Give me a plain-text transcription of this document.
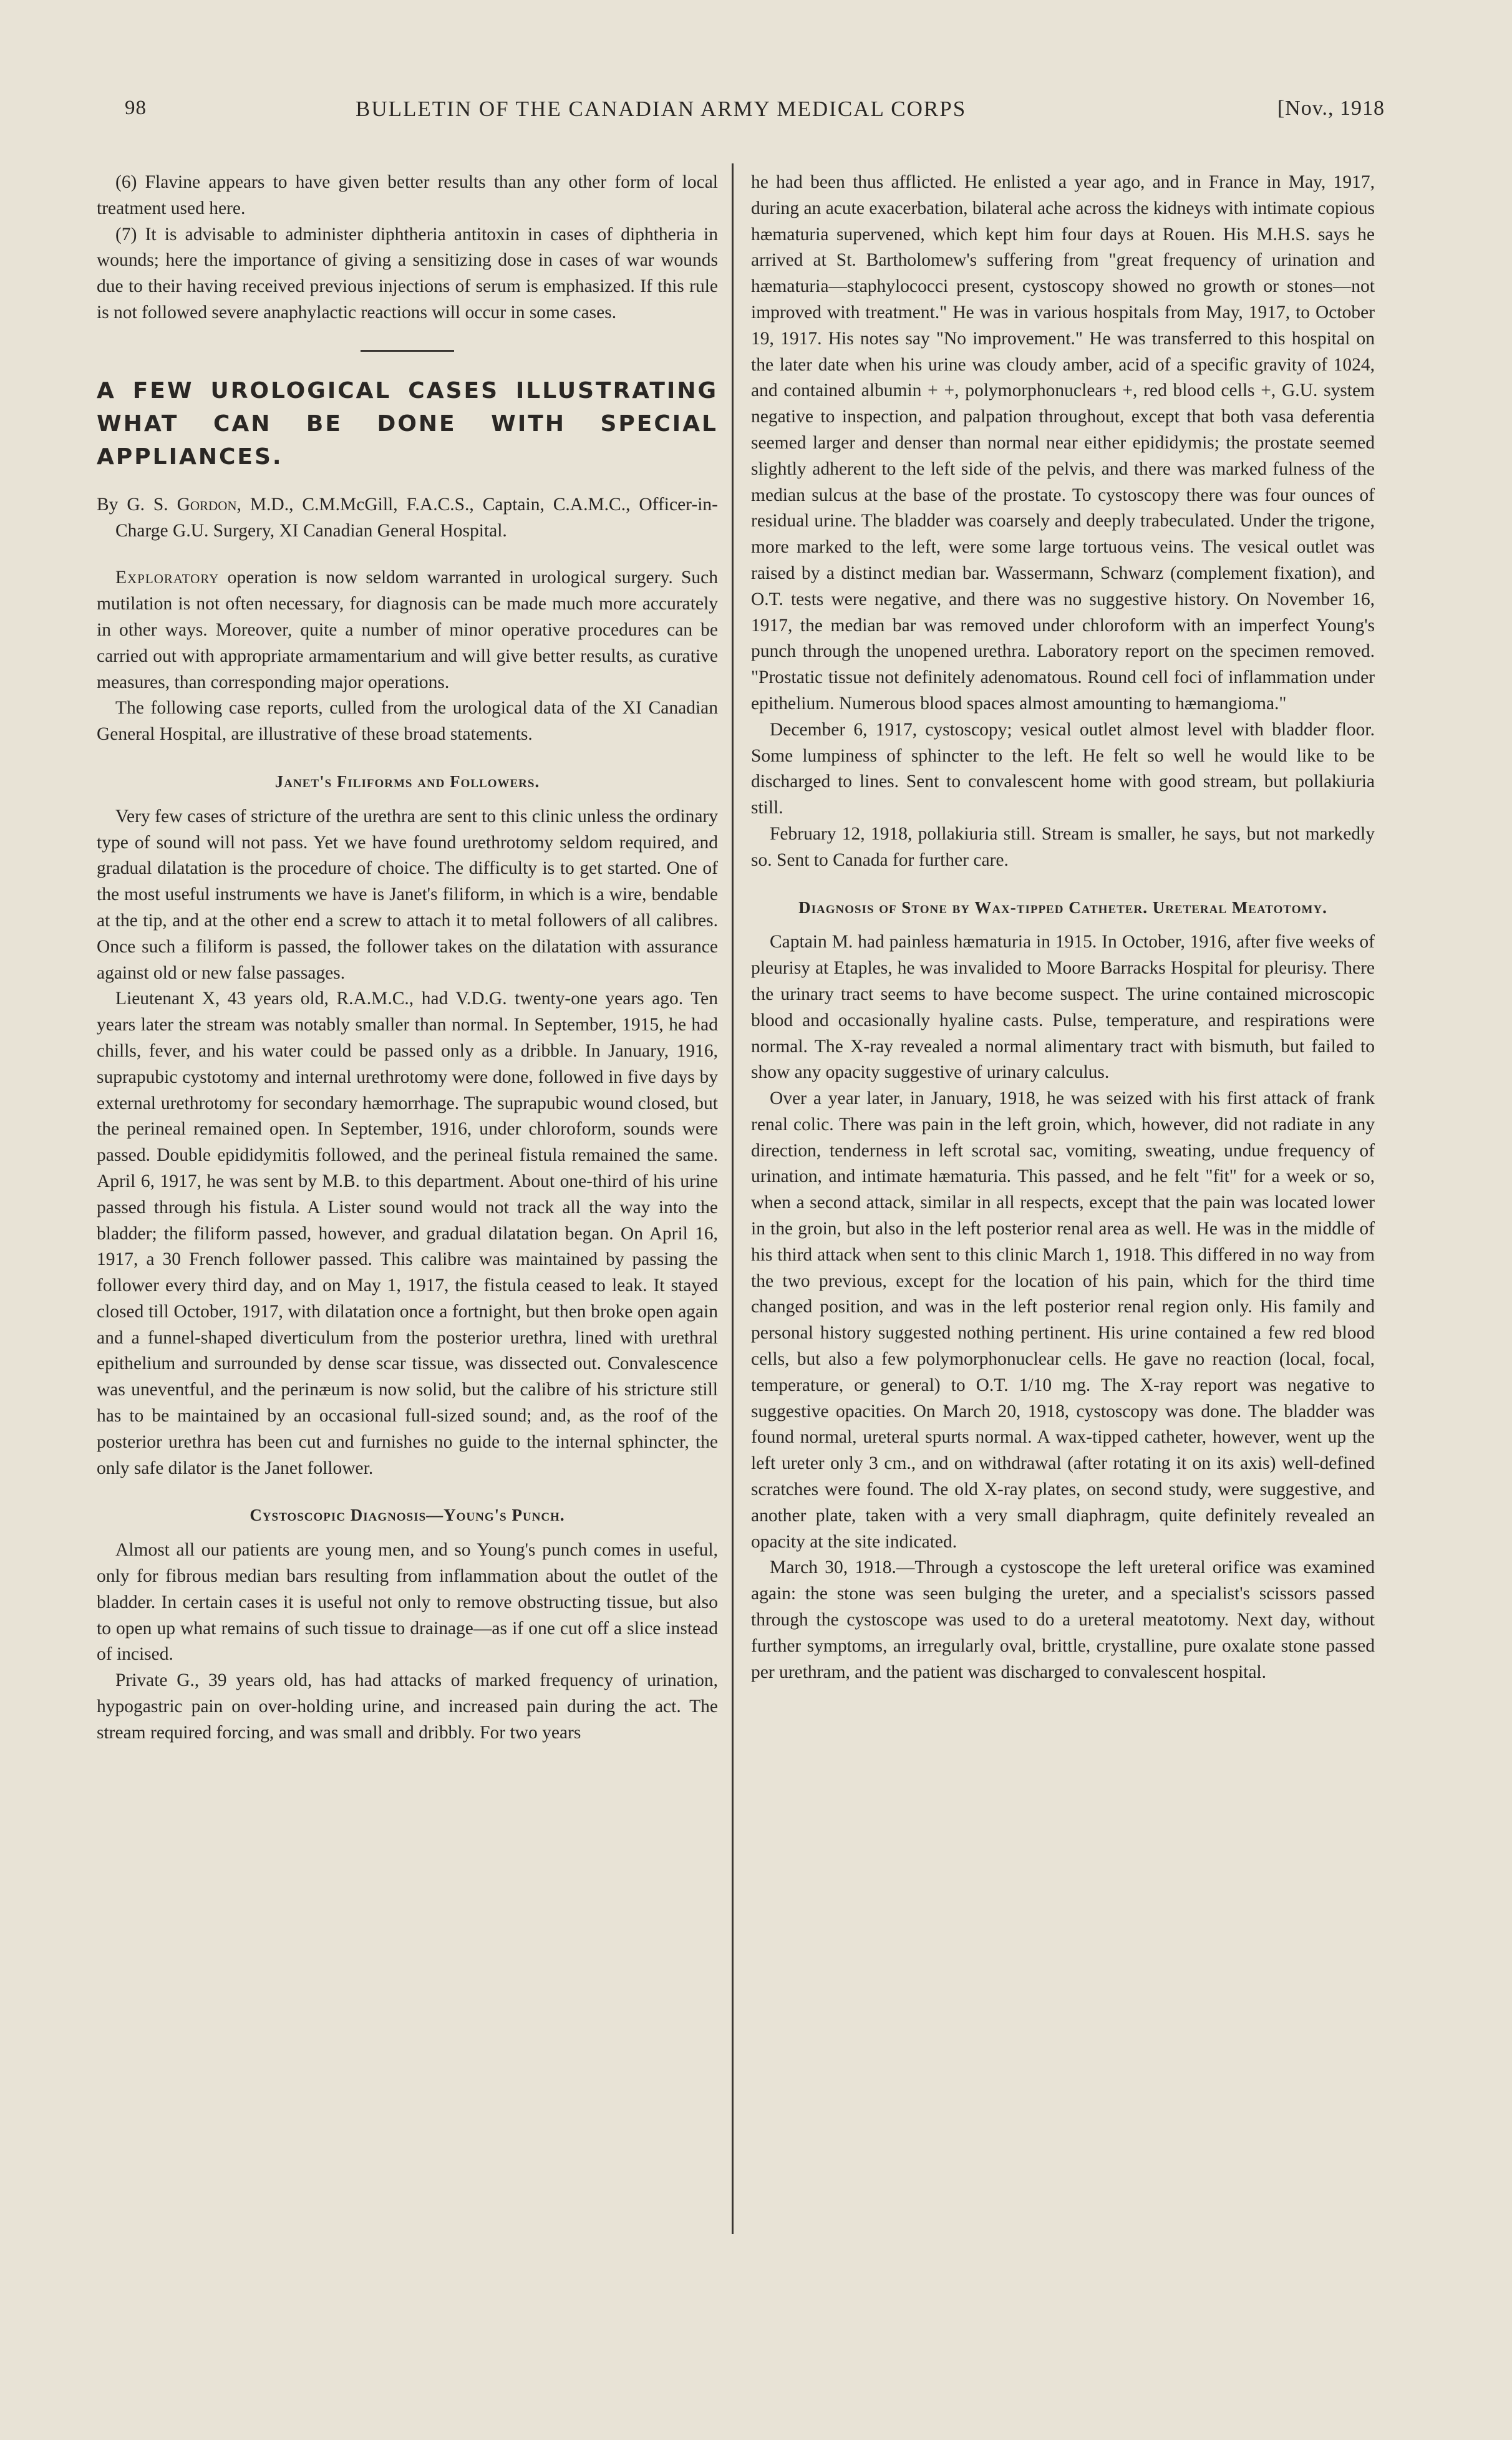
98	BULLETIN OF THE CANADIAN ARMY MEDICAL CORPS	[Nov., 1918

(6) Flavine appears to have given better results than any other form of local treatment used here.

(7) It is advisable to administer diphtheria antitoxin in cases of diphtheria in wounds; here the importance of giving a sensitizing dose in cases of war wounds due to their having received previous injections of serum is emphasized. If this rule is not followed severe anaphylactic reactions will occur in some cases.

A FEW UROLOGICAL CASES ILLUSTRATING WHAT CAN BE DONE WITH SPECIAL APPLIANCES.

By G. S. Gordon, M.D., C.M.McGill, F.A.C.S., Captain, C.A.M.C., Officer-in-Charge G.U. Surgery, XI Canadian General Hospital.

Exploratory operation is now seldom warranted in urological surgery. Such mutilation is not often necessary, for diagnosis can be made much more accurately in other ways. Moreover, quite a number of minor operative procedures can be carried out with appropriate armamentarium and will give better results, as curative measures, than corresponding major operations.

The following case reports, culled from the urological data of the XI Canadian General Hospital, are illustrative of these broad statements.

Janet's Filiforms and Followers.

Very few cases of stricture of the urethra are sent to this clinic unless the ordinary type of sound will not pass. Yet we have found urethrotomy seldom required, and gradual dilatation is the procedure of choice. The difficulty is to get started. One of the most useful instruments we have is Janet's filiform, in which is a wire, bendable at the tip, and at the other end a screw to attach it to metal followers of all calibres. Once such a filiform is passed, the follower takes on the dilatation with assurance against old or new false passages.

Lieutenant X, 43 years old, R.A.M.C., had V.D.G. twenty-one years ago. Ten years later the stream was notably smaller than normal. In September, 1915, he had chills, fever, and his water could be passed only as a dribble. In January, 1916, suprapubic cystotomy and internal urethrotomy were done, followed in five days by external urethrotomy for secondary hæmorrhage. The suprapubic wound closed, but the perineal remained open. In September, 1916, under chloroform, sounds were passed. Double epididymitis followed, and the perineal fistula remained the same. April 6, 1917, he was sent by M.B. to this department. About one-third of his urine passed through his fistula. A Lister sound would not track all the way into the bladder; the filiform passed, however, and gradual dilatation began. On April 16, 1917, a 30 French follower passed. This calibre was maintained by passing the follower every third day, and on May 1, 1917, the fistula ceased to leak. It stayed closed till October, 1917, with dilatation once a fortnight, but then broke open again and a funnel-shaped diverticulum from the posterior urethra, lined with urethral epithelium and surrounded by dense scar tissue, was dissected out. Convalescence was uneventful, and the perinæum is now solid, but the calibre of his stricture still has to be maintained by an occasional full-sized sound; and, as the roof of the posterior urethra has been cut and furnishes no guide to the internal sphincter, the only safe dilator is the Janet follower.

Cystoscopic Diagnosis—Young's Punch.

Almost all our patients are young men, and so Young's punch comes in useful, only for fibrous median bars resulting from inflammation about the outlet of the bladder. In certain cases it is useful not only to remove obstructing tissue, but also to open up what remains of such tissue to drainage—as if one cut off a slice instead of incised.

Private G., 39 years old, has had attacks of marked frequency of urination, hypogastric pain on over-holding urine, and increased pain during the act. The stream required forcing, and was small and dribbly. For two years

he had been thus afflicted. He enlisted a year ago, and in France in May, 1917, during an acute exacerbation, bilateral ache across the kidneys with intimate copious hæmaturia supervened, which kept him four days at Rouen. His M.H.S. says he arrived at St. Bartholomew's suffering from "great frequency of urination and hæmaturia—staphylococci present, cystoscopy showed no growth or stones—not improved with treatment." He was in various hospitals from May, 1917, to October 19, 1917. His notes say "No improvement." He was transferred to this hospital on the later date when his urine was cloudy amber, acid of a specific gravity of 1024, and contained albumin + +, polymorphonuclears +, red blood cells +, G.U. system negative to inspection, and palpation throughout, except that both vasa deferentia seemed larger and denser than normal near either epididymis; the prostate seemed slightly adherent to the left side of the pelvis, and there was marked fulness of the median sulcus at the base of the prostate. To cystoscopy there was four ounces of residual urine. The bladder was coarsely and deeply trabeculated. Under the trigone, more marked to the left, were some large tortuous veins. The vesical outlet was raised by a distinct median bar. Wassermann, Schwarz (complement fixation), and O.T. tests were negative, and there was no suggestive history. On November 16, 1917, the median bar was removed under chloroform with an imperfect Young's punch through the unopened urethra. Laboratory report on the specimen removed. "Prostatic tissue not definitely adenomatous. Round cell foci of inflammation under epithelium. Numerous blood spaces almost amounting to hæmangioma."

December 6, 1917, cystoscopy; vesical outlet almost level with bladder floor. Some lumpiness of sphincter to the left. He felt so well he would like to be discharged to lines. Sent to convalescent home with good stream, but pollakiuria still.

February 12, 1918, pollakiuria still. Stream is smaller, he says, but not markedly so. Sent to Canada for further care.

Diagnosis of Stone by Wax-tipped Catheter. Ureteral Meatotomy.

Captain M. had painless hæmaturia in 1915. In October, 1916, after five weeks of pleurisy at Etaples, he was invalided to Moore Barracks Hospital for pleurisy. There the urinary tract seems to have become suspect. The urine contained microscopic blood and occasionally hyaline casts. Pulse, temperature, and respirations were normal. The X-ray revealed a normal alimentary tract with bismuth, but failed to show any opacity suggestive of urinary calculus.

Over a year later, in January, 1918, he was seized with his first attack of frank renal colic. There was pain in the left groin, which, however, did not radiate in any direction, tenderness in left scrotal sac, vomiting, sweating, undue frequency of urination, and intimate hæmaturia. This passed, and he felt "fit" for a week or so, when a second attack, similar in all respects, except that the pain was located lower in the groin, but also in the left posterior renal area as well. He was in the middle of his third attack when sent to this clinic March 1, 1918. This differed in no way from the two previous, except for the location of his pain, which for the third time changed position, and was in the left posterior renal region only. His family and personal history suggested nothing pertinent. His urine contained a few red blood cells, but also a few polymorphonuclear cells. He gave no reaction (local, focal, temperature, or general) to O.T. 1/10 mg. The X-ray report was negative to suggestive opacities. On March 20, 1918, cystoscopy was done. The bladder was found normal, ureteral spurts normal. A wax-tipped catheter, however, went up the left ureter only 3 cm., and on withdrawal (after rotating it on its axis) well-defined scratches were found. The old X-ray plates, on second study, were suggestive, and another plate, taken with a very small diaphragm, quite definitely revealed an opacity at the site indicated.

March 30, 1918.—Through a cystoscope the left ureteral orifice was examined again: the stone was seen bulging the ureter, and a specialist's scissors passed through the cystoscope was used to do a ureteral meatotomy. Next day, without further symptoms, an irregularly oval, brittle, crystalline, pure oxalate stone passed per urethram, and the patient was discharged to convalescent hospital.
